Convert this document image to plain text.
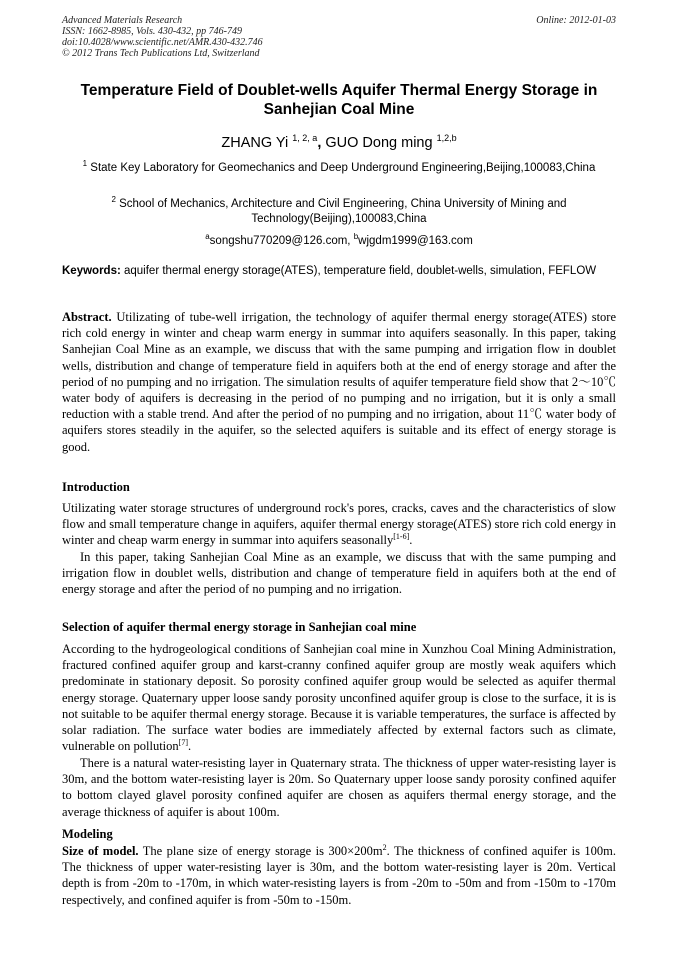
Advanced Materials Research
ISSN: 1662-8985, Vols. 430-432, pp 746-749
doi:10.4028/www.scientific.net/AMR.430-432.746
© 2012 Trans Tech Publications Ltd, Switzerland
Online: 2012-01-03
Temperature Field of Doublet-wells Aquifer Thermal Energy Storage in Sanhejian Coal Mine
ZHANG Yi $^{1, 2, a}$, GUO Dong ming $^{1,2,b}$
$^1$ State Key Laboratory for Geomechanics and Deep Underground Engineering,Beijing,100083,China
$^2$ School of Mechanics, Architecture and Civil Engineering, China University of Mining and Technology(Beijing),100083,China
$^a$songshu770209@126.com, $^b$wjgdm1999@163.com
Keywords: aquifer thermal energy storage(ATES), temperature field, doublet-wells, simulation, FEFLOW
Abstract. Utilizating of tube-well irrigation, the technology of aquifer thermal energy storage(ATES) store rich cold energy in winter and cheap warm energy in summar into aquifers seasonally. In this paper, taking Sanhejian Coal Mine as an example, we discuss that with the same pumping and irrigation flow in doublet wells, distribution and change of temperature field in aquifers both at the end of energy storage and after the period of no pumping and no irrigation. The simulation results of aquifer temperature field show that 2～10℃ water body of aquifers is decreasing in the period of no pumping and no irrigation, but it is only a small reduction with a stable trend. And after the period of no pumping and no irrigation, about 11℃ water body of aquifers stores steadily in the aquifer, so the selected aquifers is suitable and its effect of energy storage is good.
Introduction
Utilizating water storage structures of underground rock's pores, cracks, caves and the characteristics of slow flow and small temperature change in aquifers, aquifer thermal energy storage(ATES) store rich cold energy in winter and cheap warm energy in summar into aquifers seasonally[1-6].
In this paper, taking Sanhejian Coal Mine as an example, we discuss that with the same pumping and irrigation flow in doublet wells, distribution and change of temperature field in aquifers both at the end of energy storage and after the period of no pumping and no irrigation.
Selection of aquifer thermal energy storage in Sanhejian coal mine
According to the hydrogeological conditions of Sanhejian coal mine in Xunzhou Coal Mining Administration, fractured confined aquifer group and karst-cranny confined aquifer group are mostly weak aquifers which predominate in stationary deposit. So porosity confined aquifer group would be selected as aquifer thermal energy storage. Quaternary upper loose sandy porosity unconfined aquifer group is close to the surface, it is is not suitable to be aquifer thermal energy storage. Because it is variable temperatures, the surface is affected by solar radiation. The surface water bodies are immediately affected by external factors such as climate, vulnerable on pollution[7].
There is a natural water-resisting layer in Quaternary strata. The thickness of upper water-resisting layer is 30m, and the bottom water-resisting layer is 20m. So Quaternary upper loose sandy porosity confined aquifer to bottom clayed glavel porosity confined aquifer are chosen as aquifers thermal energy storage, and the average thickness of aquifer is about 100m.
Modeling
Size of model. The plane size of energy storage is $300\times 200m^2$. The thickness of confined aquifer is 100m. The thickness of upper water-resisting layer is 30m, and the bottom water-resisting layer is 20m. Vertical depth is from -20m to -170m, in which water-resisting layers is from -20m to -50m and from -150m to -170m respectively, and confined aquifer is from -50m to -150m.
